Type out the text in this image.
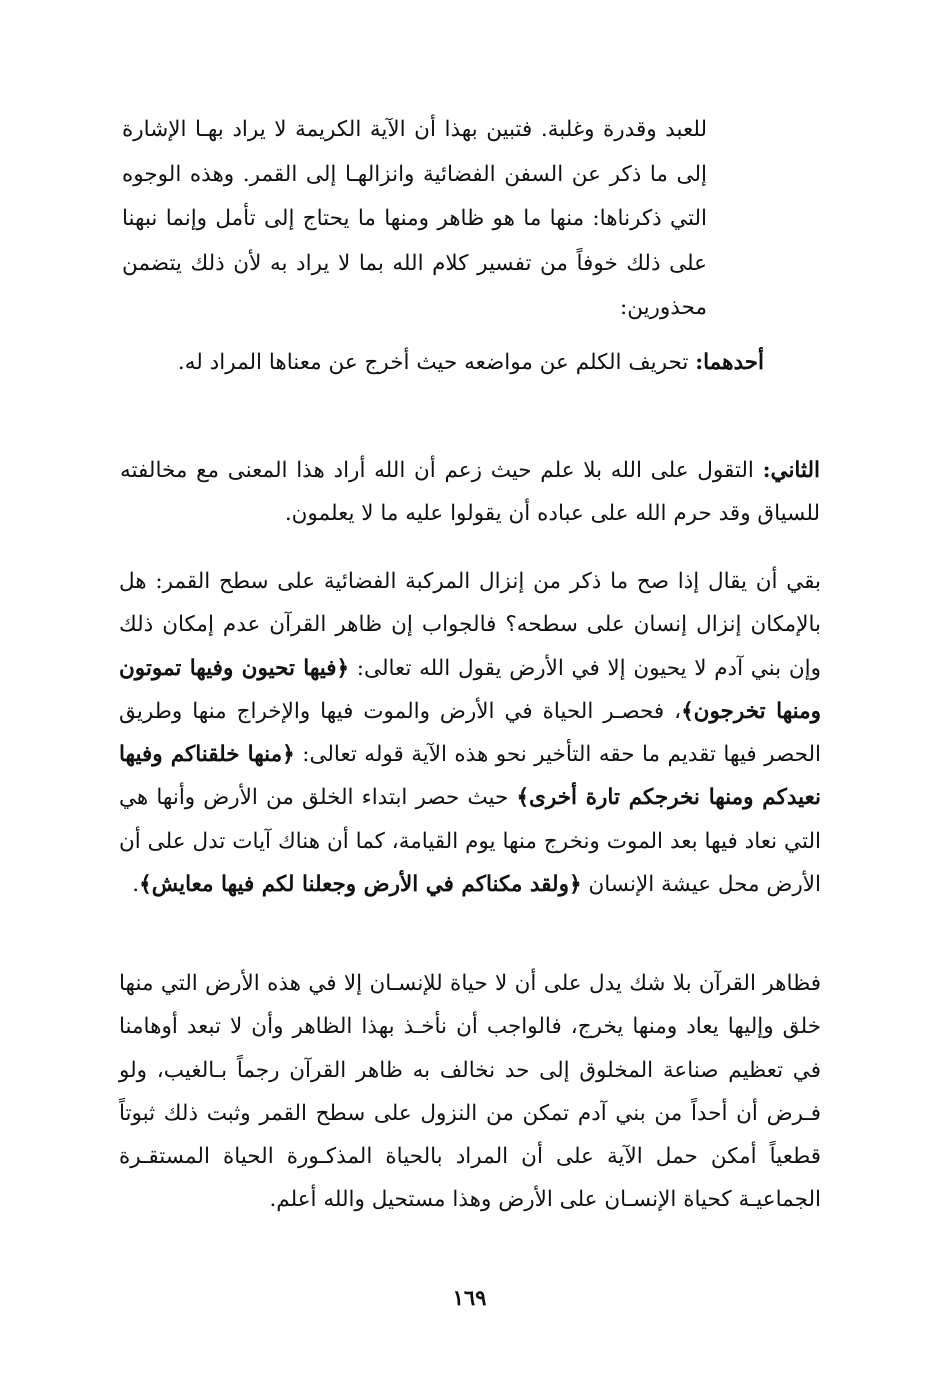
للعبد وقدرة وغلبة. فتبين بهذا أن الآية الكريمة لا يراد بهـا الإشارة إلى ما ذكر عن السفن الفضائية وانزالهـا إلى القمر. وهذه الوجوه التي ذكرناها: منها ما هو ظاهر ومنها ما يحتاج إلى تأمل وإنما نبهنا على ذلك خوفاً من تفسير كلام الله بما لا يراد به لأن ذلك يتضمن محذورين:

أحدهما: تحريف الكلم عن مواضعه حيث أخرج عن معناها المراد له.

الثاني: التقول على الله بلا علم حيث زعم أن الله أراد هذا المعنى مع مخالفته للسياق وقد حرم الله على عباده أن يقولوا عليه ما لا يعلمون.

بقي أن يقال إذا صح ما ذكر من إنزال المركبة الفضائية على سطح القمر: هل بالإمكان إنزال إنسان على سطحه؟ فالجواب إن ظاهر القرآن عدم إمكان ذلك وإن بني آدم لا يحيون إلا في الأرض يقول الله تعالى: ﴿فيها تحيون وفيها تموتون ومنها تخرجون﴾، فحصـر الحياة في الأرض والموت فيها والإخراج منها وطريق الحصر فيها تقديم ما حقه التأخير نحو هذه الآية قوله تعالى: ﴿منها خلقناكم وفيها نعيدكم ومنها نخرجكم تارة أخرى﴾ حيث حصر ابتداء الخلق من الأرض وأنها هي التي نعاد فيها بعد الموت ونخرج منها يوم القيامة، كما أن هناك آيات تدل على أن الأرض محل عيشة الإنسان ﴿ولقد مكناكم في الأرض وجعلنا لكم فيها معايش﴾.

فظاهر القرآن بلا شك يدل على أن لا حياة للإنسـان إلا في هذه الأرض التي منها خلق وإليها يعاد ومنها يخرج، فالواجب أن نأخـذ بهذا الظاهر وأن لا تبعد أوهامنا في تعظيم صناعة المخلوق إلى حد نخالف به ظاهر القرآن رجماً بـالغيب، ولو فـرض أن أحداً من بني آدم تمكن من النزول على سطح القمر وثبت ذلك ثبوتاً قطعياً أمكن حمل الآية على أن المراد بالحياة المذكـورة الحياة المستقـرة الجماعيـة كحياة الإنسـان على الأرض وهذا مستحيل والله أعلم.

١٦٩
